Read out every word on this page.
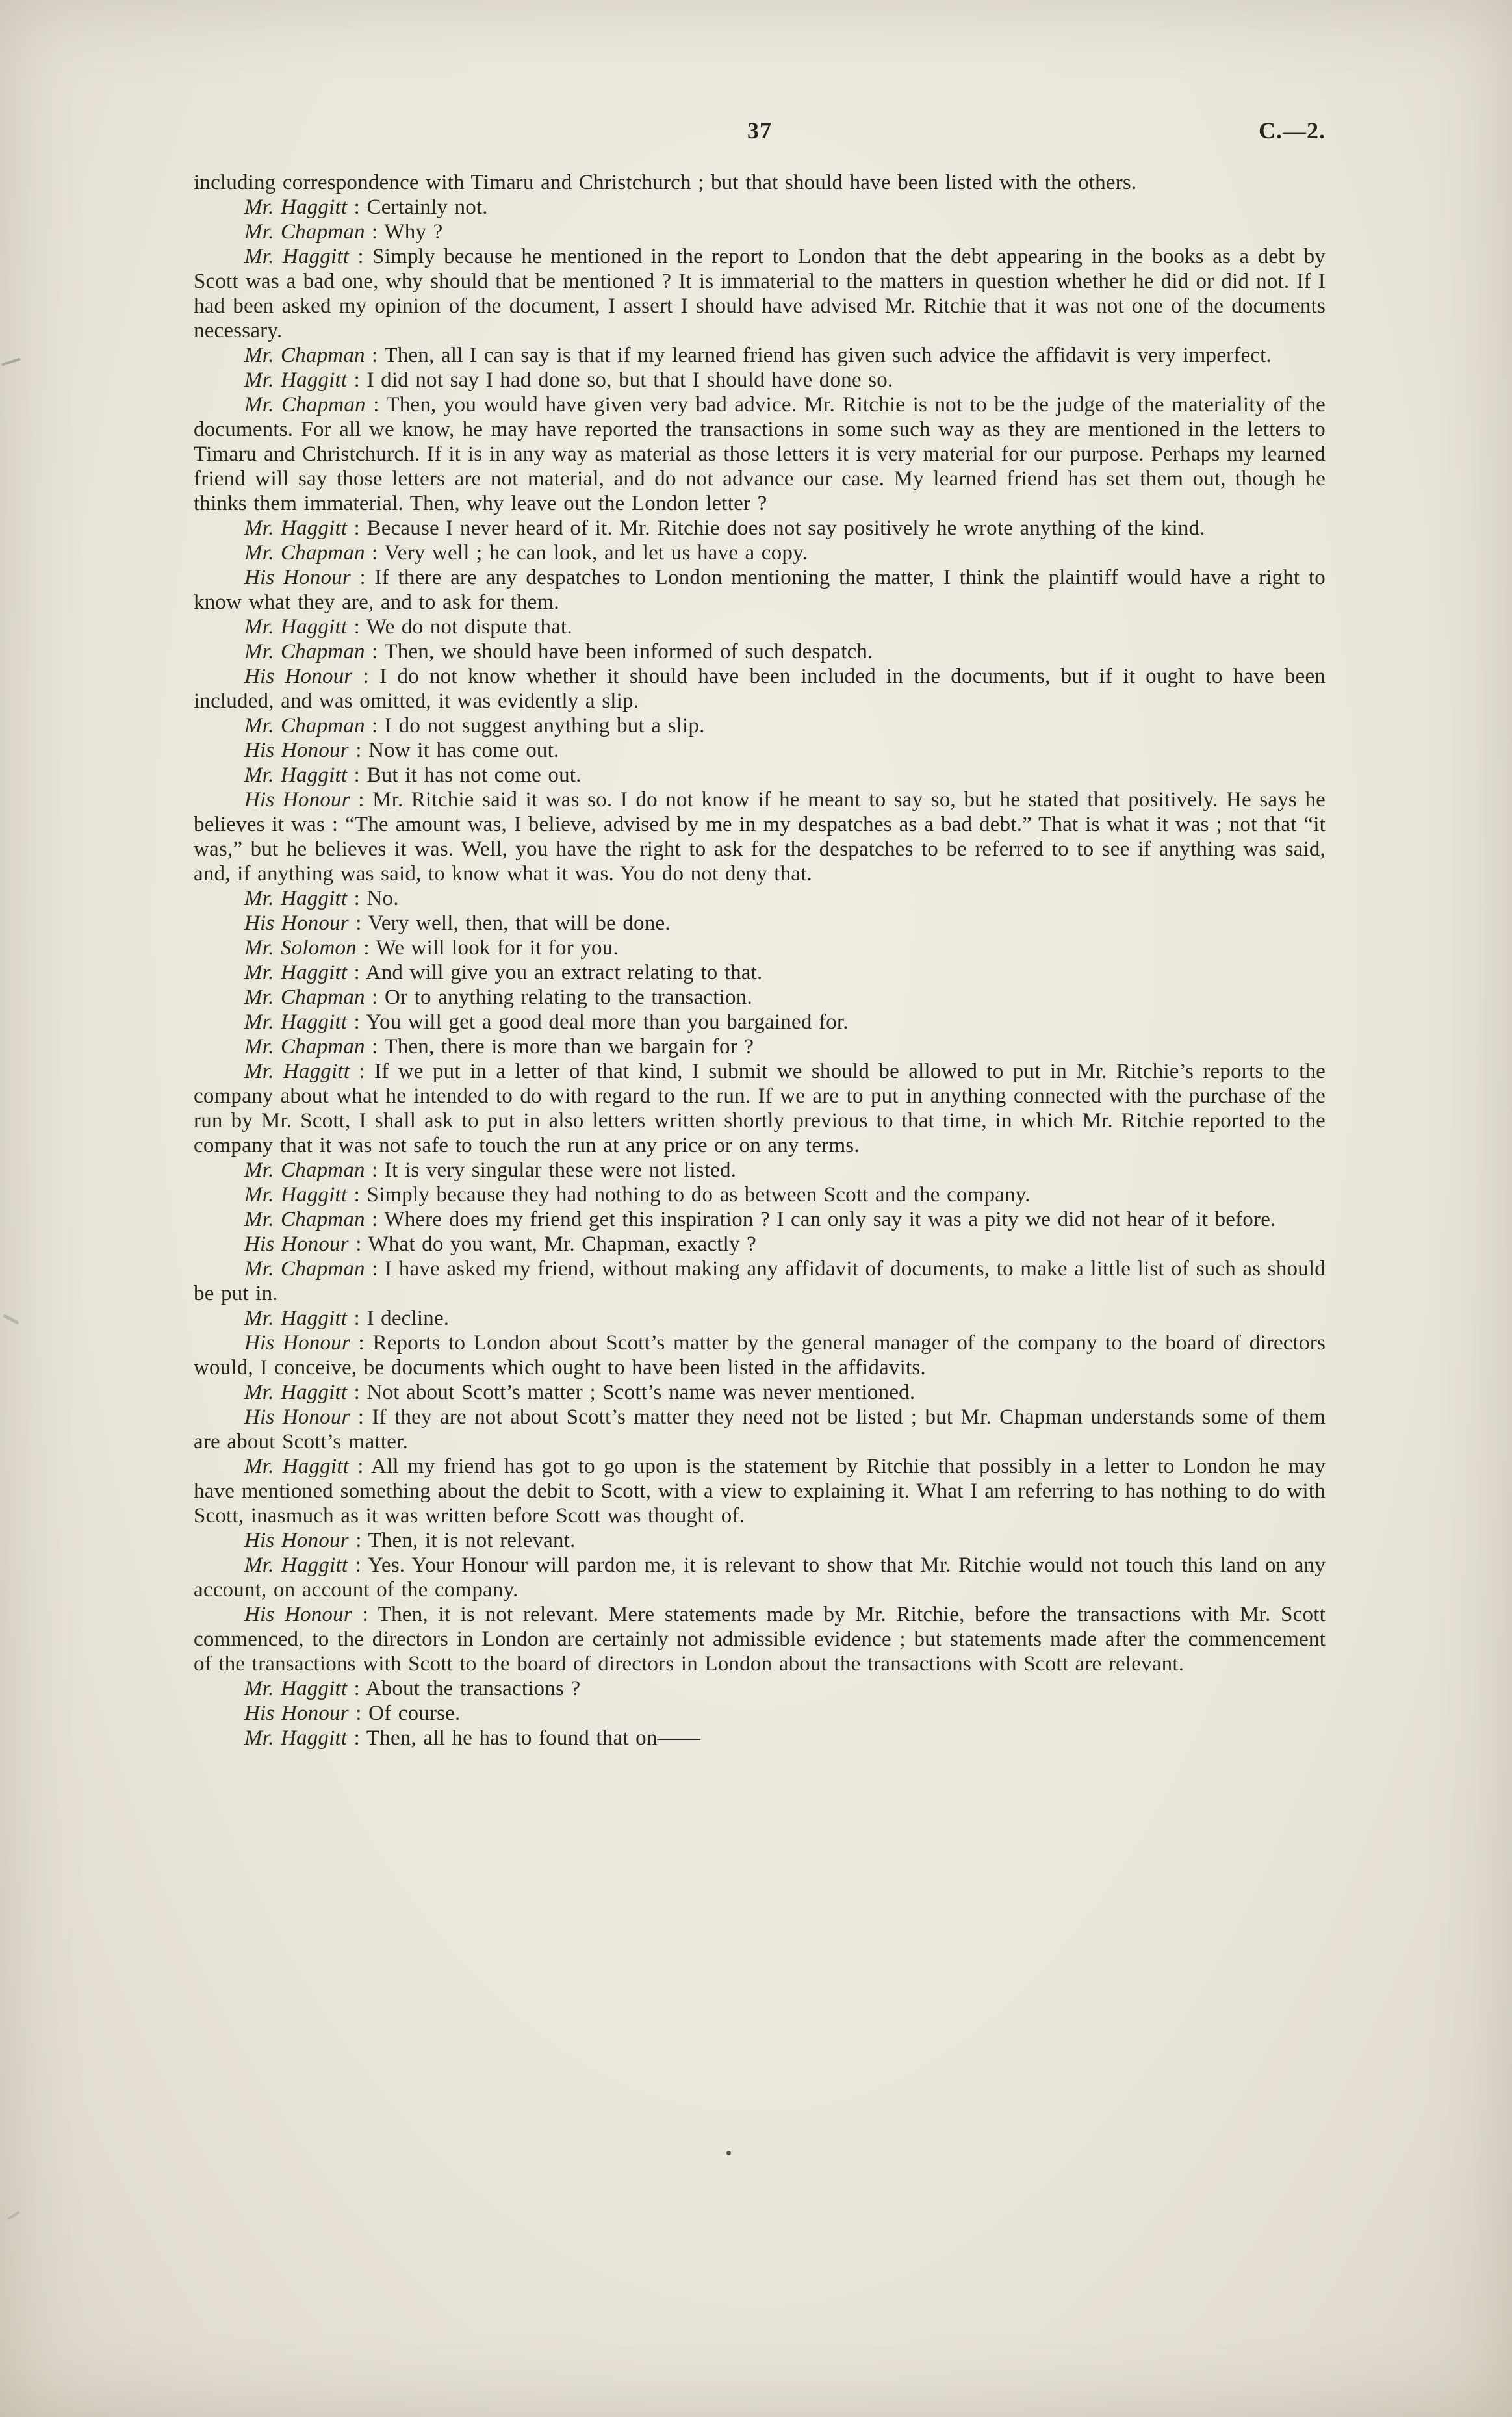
37	C.—2.

including correspondence with Timaru and Christchurch ; but that should have been listed with the others.

Mr. Haggitt : Certainly not.

Mr. Chapman : Why ?

Mr. Haggitt : Simply because he mentioned in the report to London that the debt appearing in the books as a debt by Scott was a bad one, why should that be mentioned ? It is immaterial to the matters in question whether he did or did not. If I had been asked my opinion of the document, I assert I should have advised Mr. Ritchie that it was not one of the documents necessary.

Mr. Chapman : Then, all I can say is that if my learned friend has given such advice the affidavit is very imperfect.

Mr. Haggitt : I did not say I had done so, but that I should have done so.

Mr. Chapman : Then, you would have given very bad advice. Mr. Ritchie is not to be the judge of the materiality of the documents. For all we know, he may have reported the transactions in some such way as they are mentioned in the letters to Timaru and Christchurch. If it is in any way as material as those letters it is very material for our purpose. Perhaps my learned friend will say those letters are not material, and do not advance our case. My learned friend has set them out, though he thinks them immaterial. Then, why leave out the London letter ?

Mr. Haggitt : Because I never heard of it. Mr. Ritchie does not say positively he wrote anything of the kind.

Mr. Chapman : Very well ; he can look, and let us have a copy.

His Honour : If there are any despatches to London mentioning the matter, I think the plaintiff would have a right to know what they are, and to ask for them.

Mr. Haggitt : We do not dispute that.

Mr. Chapman : Then, we should have been informed of such despatch.

His Honour : I do not know whether it should have been included in the documents, but if it ought to have been included, and was omitted, it was evidently a slip.

Mr. Chapman : I do not suggest anything but a slip.

His Honour : Now it has come out.

Mr. Haggitt : But it has not come out.

His Honour : Mr. Ritchie said it was so. I do not know if he meant to say so, but he stated that positively. He says he believes it was : “The amount was, I believe, advised by me in my despatches as a bad debt.” That is what it was ; not that “it was,” but he believes it was. Well, you have the right to ask for the despatches to be referred to to see if anything was said, and, if anything was said, to know what it was. You do not deny that.

Mr. Haggitt : No.

His Honour : Very well, then, that will be done.

Mr. Solomon : We will look for it for you.

Mr. Haggitt : And will give you an extract relating to that.

Mr. Chapman : Or to anything relating to the transaction.

Mr. Haggitt : You will get a good deal more than you bargained for.

Mr. Chapman : Then, there is more than we bargain for ?

Mr. Haggitt : If we put in a letter of that kind, I submit we should be allowed to put in Mr. Ritchie’s reports to the company about what he intended to do with regard to the run. If we are to put in anything connected with the purchase of the run by Mr. Scott, I shall ask to put in also letters written shortly previous to that time, in which Mr. Ritchie reported to the company that it was not safe to touch the run at any price or on any terms.

Mr. Chapman : It is very singular these were not listed.

Mr. Haggitt : Simply because they had nothing to do as between Scott and the company.

Mr. Chapman : Where does my friend get this inspiration ? I can only say it was a pity we did not hear of it before.

His Honour : What do you want, Mr. Chapman, exactly ?

Mr. Chapman : I have asked my friend, without making any affidavit of documents, to make a little list of such as should be put in.

Mr. Haggitt : I decline.

His Honour : Reports to London about Scott’s matter by the general manager of the company to the board of directors would, I conceive, be documents which ought to have been listed in the affidavits.

Mr. Haggitt : Not about Scott’s matter ; Scott’s name was never mentioned.

His Honour : If they are not about Scott’s matter they need not be listed ; but Mr. Chapman understands some of them are about Scott’s matter.

Mr. Haggitt : All my friend has got to go upon is the statement by Ritchie that possibly in a letter to London he may have mentioned something about the debit to Scott, with a view to explaining it. What I am referring to has nothing to do with Scott, inasmuch as it was written before Scott was thought of.

His Honour : Then, it is not relevant.

Mr. Haggitt : Yes. Your Honour will pardon me, it is relevant to show that Mr. Ritchie would not touch this land on any account, on account of the company.

His Honour : Then, it is not relevant. Mere statements made by Mr. Ritchie, before the transactions with Mr. Scott commenced, to the directors in London are certainly not admissible evidence ; but statements made after the commencement of the transactions with Scott to the board of directors in London about the transactions with Scott are relevant.

Mr. Haggitt : About the transactions ?

His Honour : Of course.

Mr. Haggitt : Then, all he has to found that on——
